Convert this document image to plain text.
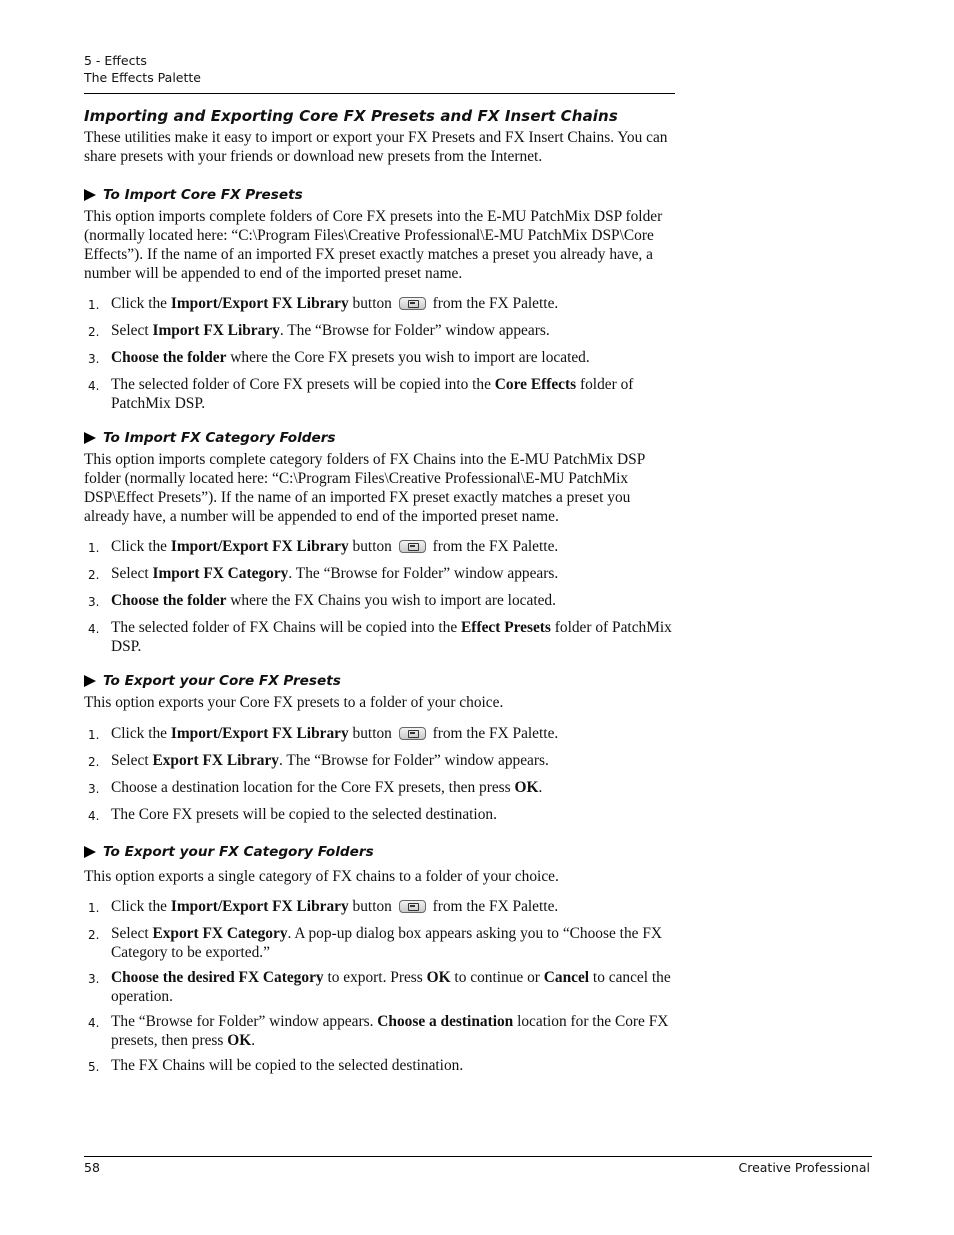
5 - Effects
The Effects Palette
Importing and Exporting Core FX Presets and FX Insert Chains

These utilities make it easy to import or export your FX Presets and FX Insert Chains. You can share presets with your friends or download new presets from the Internet.

To Import Core FX Presets

This option imports complete folders of Core FX presets into the E-MU PatchMix DSP folder (normally located here: “C:\Program Files\Creative Professional\E-MU PatchMix DSP\Core Effects”). If the name of an imported FX preset exactly matches a preset you already have, a number will be appended to end of the imported preset name.

1. Click the Import/Export FX Library button  from the FX Palette.
2. Select Import FX Library. The “Browse for Folder” window appears.
3. Choose the folder where the Core FX presets you wish to import are located.
4. The selected folder of Core FX presets will be copied into the Core Effects folder of PatchMix DSP.
To Import FX Category Folders

This option imports complete category folders of FX Chains into the E-MU PatchMix DSP folder (normally located here: “C:\Program Files\Creative Professional\E-MU PatchMix DSP\Effect Presets”). If the name of an imported FX preset exactly matches a preset you already have, a number will be appended to end of the imported preset name.

1. Click the Import/Export FX Library button  from the FX Palette.
2. Select Import FX Category. The “Browse for Folder” window appears.
3. Choose the folder where the FX Chains you wish to import are located.
4. The selected folder of FX Chains will be copied into the Effect Presets folder of PatchMix DSP.
To Export your Core FX Presets

This option exports your Core FX presets to a folder of your choice.

1. Click the Import/Export FX Library button  from the FX Palette.
2. Select Export FX Library. The “Browse for Folder” window appears.
3. Choose a destination location for the Core FX presets, then press OK.
4. The Core FX presets will be copied to the selected destination.
To Export your FX Category Folders

This option exports a single category of FX chains to a folder of your choice.

1. Click the Import/Export FX Library button  from the FX Palette.
2. Select Export FX Category. A pop-up dialog box appears asking you to “Choose the FX Category to be exported.”
3. Choose the desired FX Category to export. Press OK to continue or Cancel to cancel the operation.
4. The “Browse for Folder” window appears. Choose a destination location for the Core FX presets, then press OK.
5. The FX Chains will be copied to the selected destination.
58	Creative Professional
